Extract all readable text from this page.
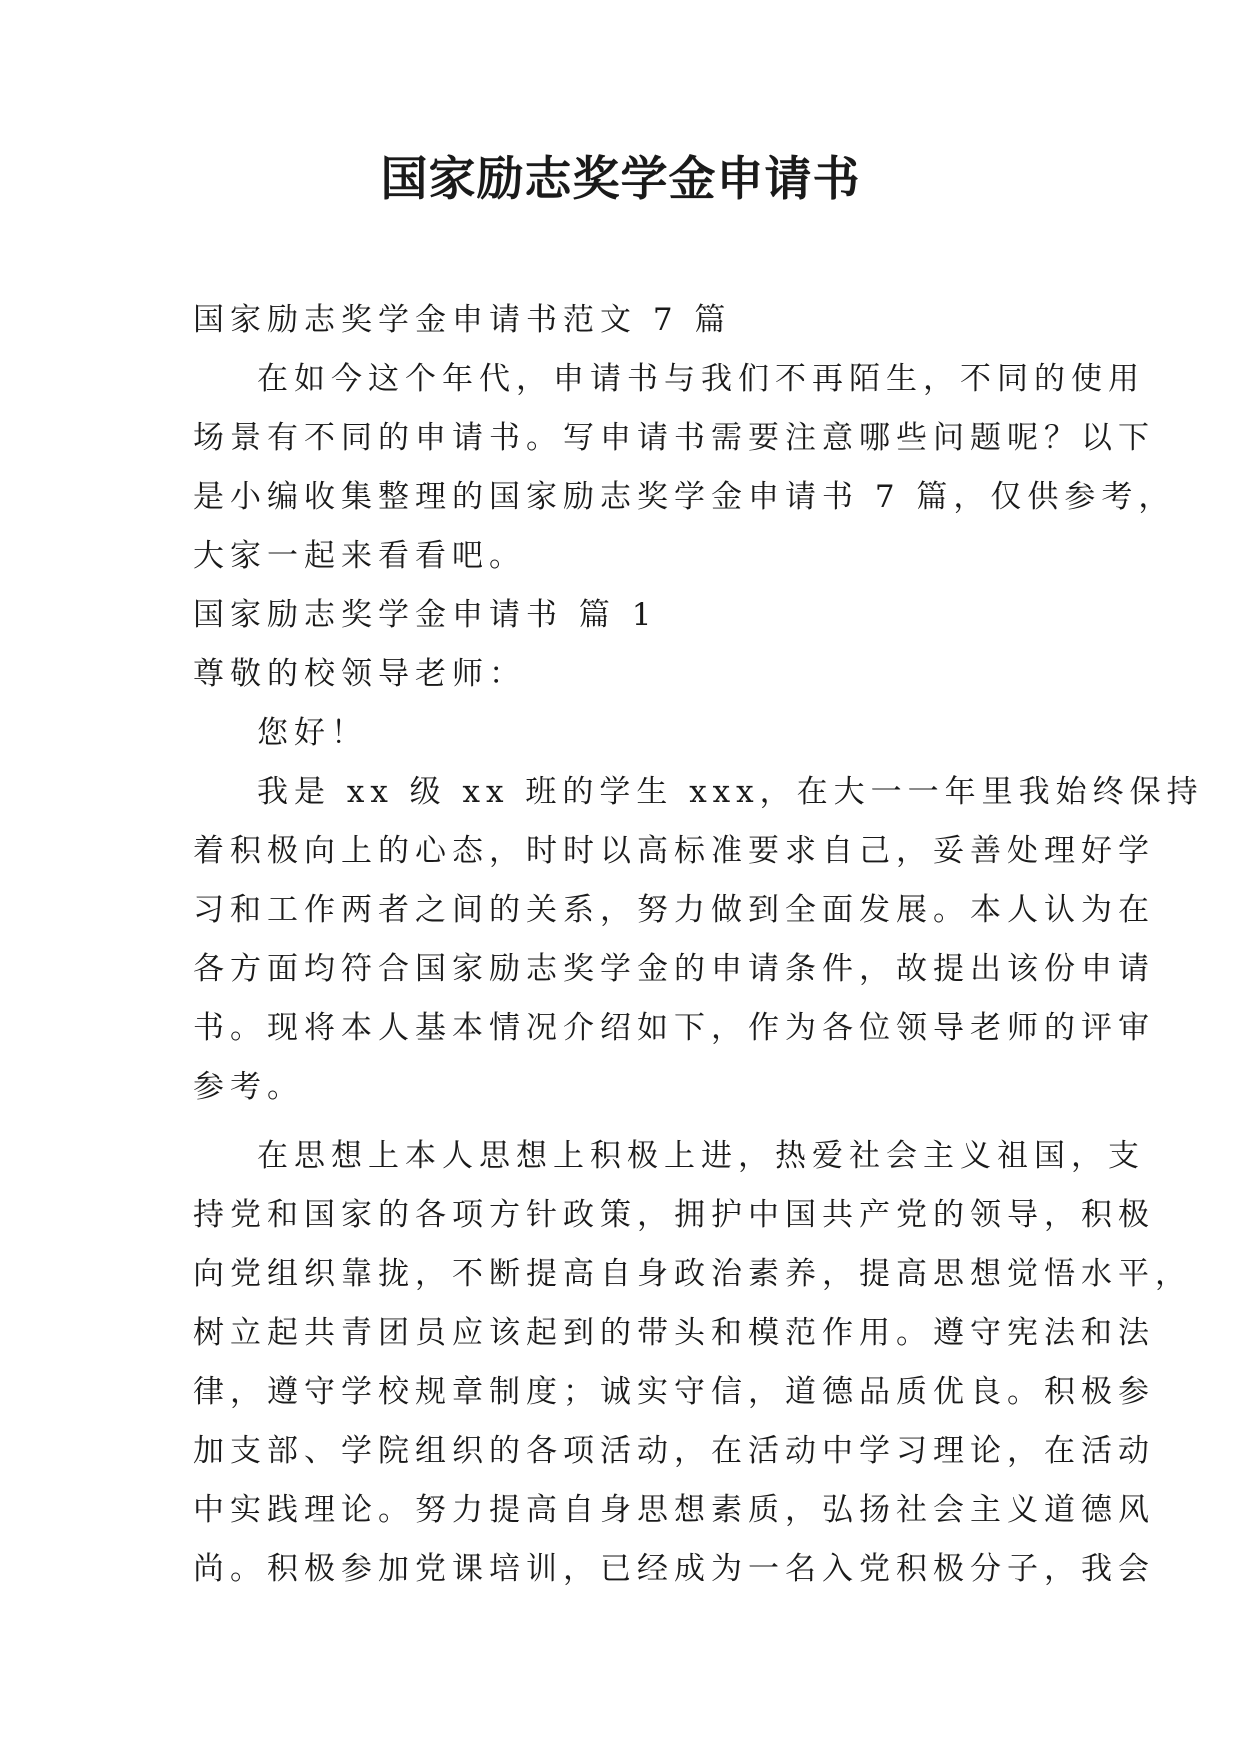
国家励志奖学金申请书

国家励志奖学金申请书范文 7 篇

在如今这个年代，申请书与我们不再陌生，不同的使用

场景有不同的申请书。写申请书需要注意哪些问题呢？以下

是小编收集整理的国家励志奖学金申请书 7 篇，仅供参考，

大家一起来看看吧。

国家励志奖学金申请书 篇 1

尊敬的校领导老师：

您好！

我是 xx 级 xx 班的学生 xxx，在大一一年里我始终保持

着积极向上的心态，时时以高标准要求自己，妥善处理好学

习和工作两者之间的关系，努力做到全面发展。本人认为在

各方面均符合国家励志奖学金的申请条件，故提出该份申请

书。现将本人基本情况介绍如下，作为各位领导老师的评审

参考。

在思想上本人思想上积极上进，热爱社会主义祖国，支

持党和国家的各项方针政策，拥护中国共产党的领导，积极

向党组织靠拢，不断提高自身政治素养，提高思想觉悟水平，

树立起共青团员应该起到的带头和模范作用。遵守宪法和法

律，遵守学校规章制度；诚实守信，道德品质优良。积极参

加支部、学院组织的各项活动，在活动中学习理论，在活动

中实践理论。努力提高自身思想素质，弘扬社会主义道德风

尚。积极参加党课培训，已经成为一名入党积极分子，我会
